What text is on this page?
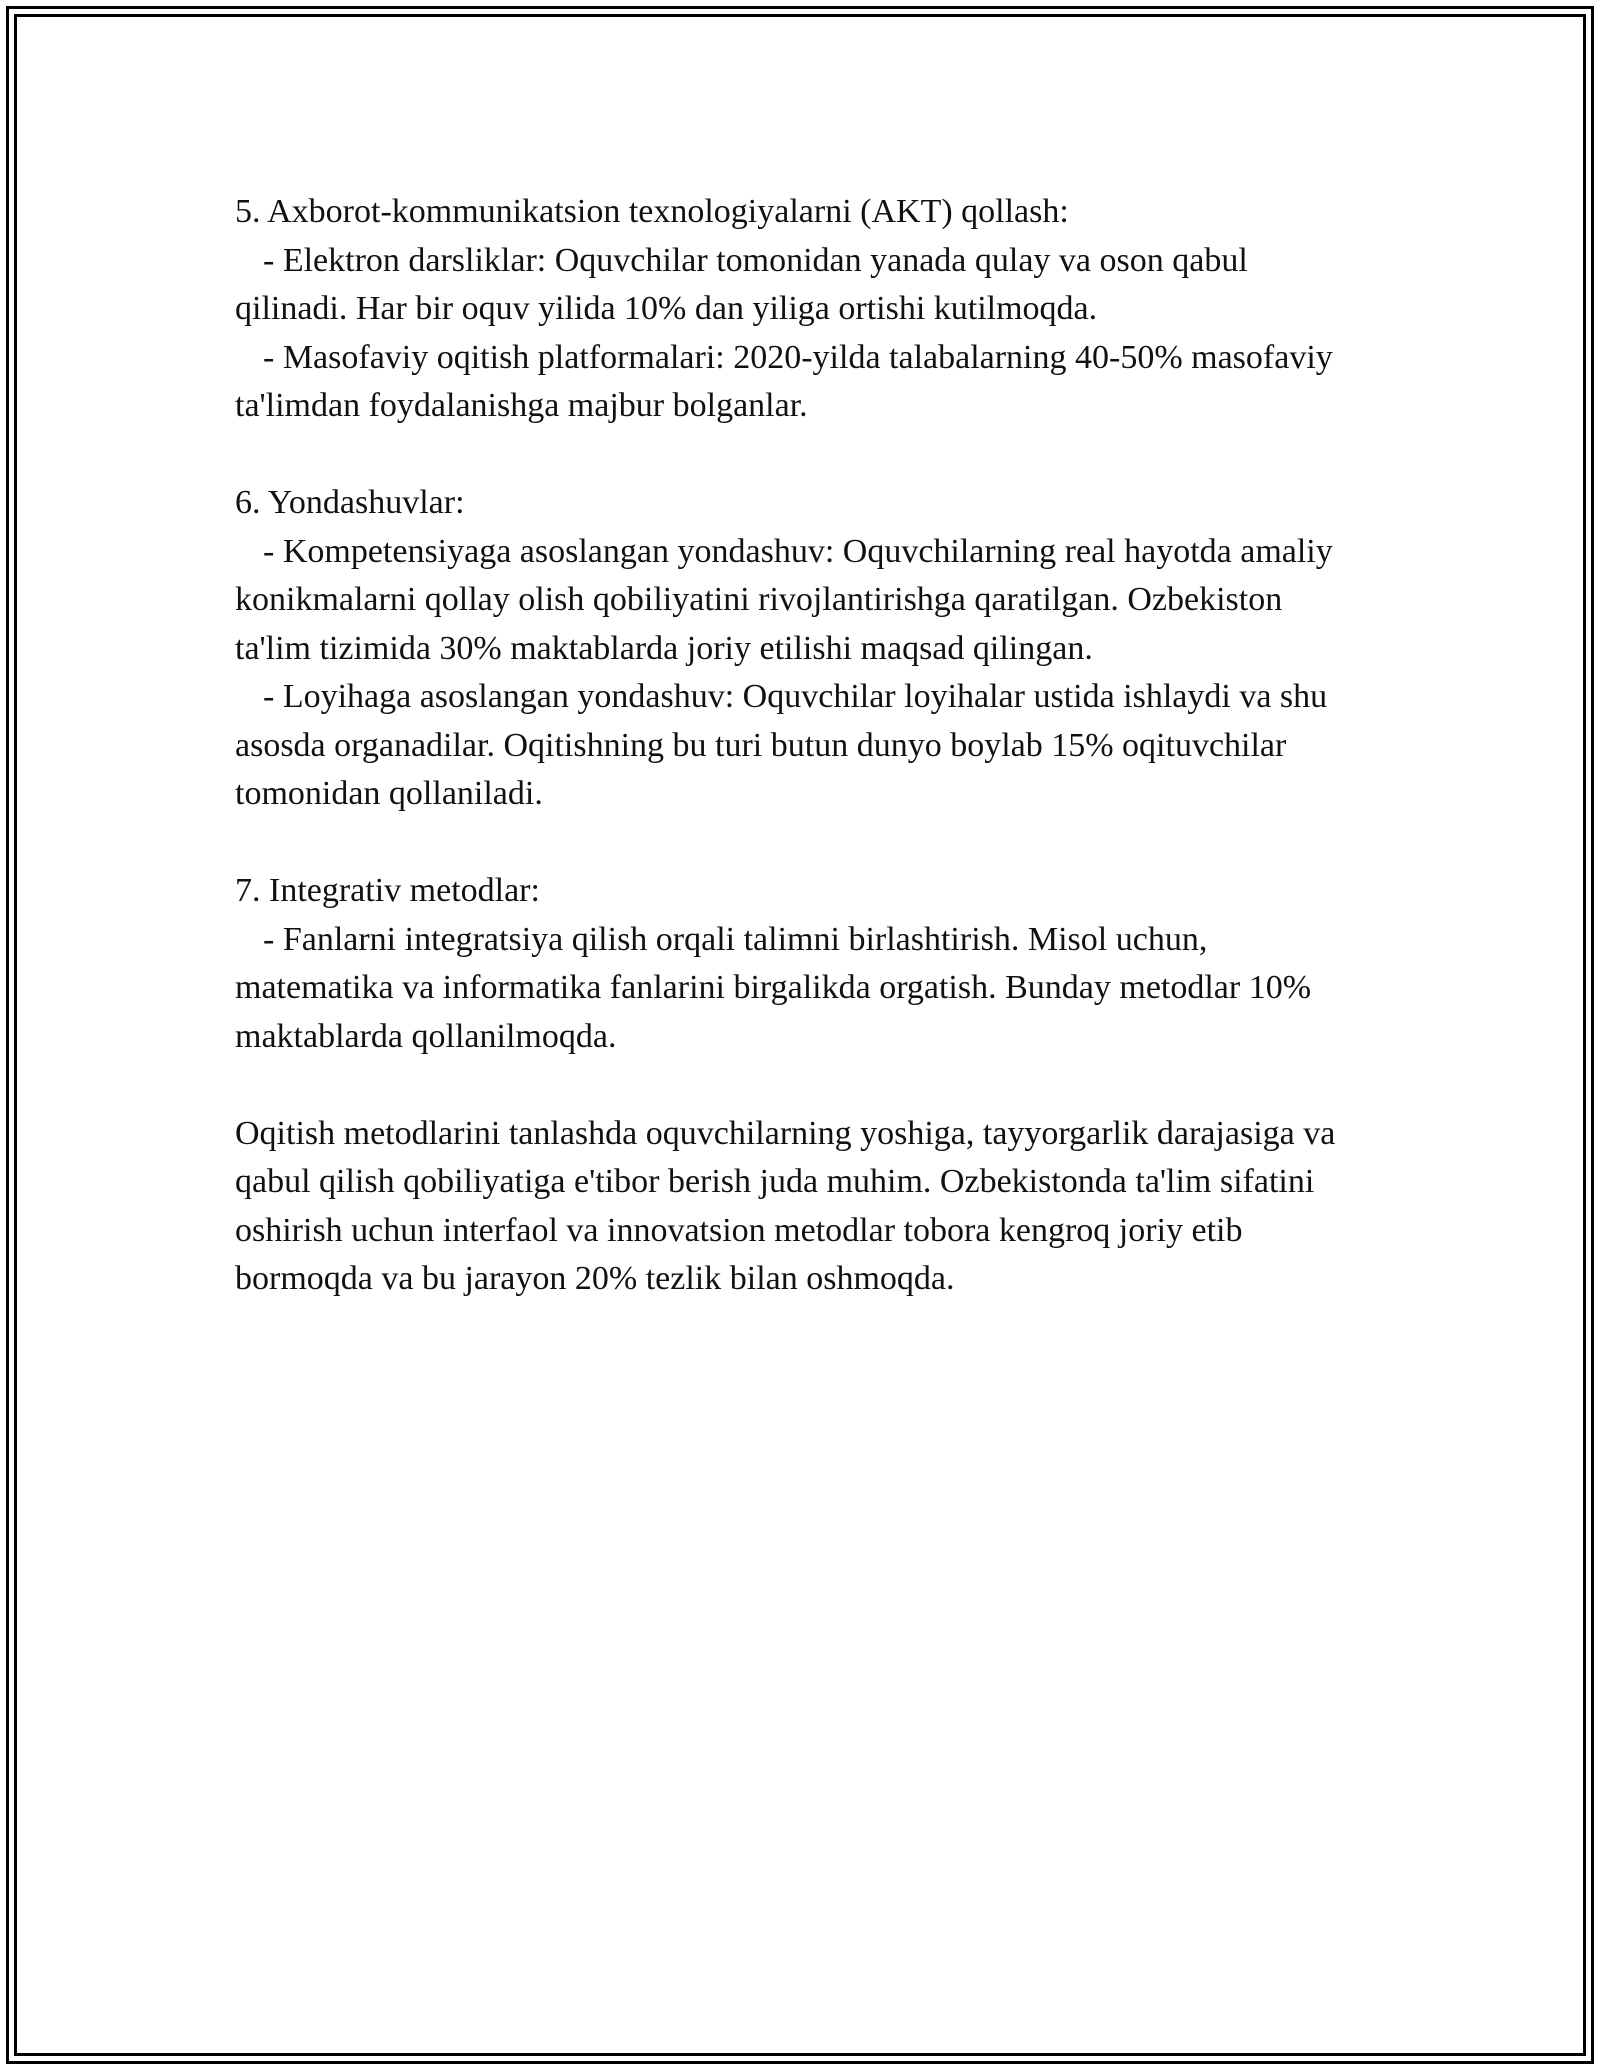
5. Axborot-kommunikatsion texnologiyalarni (AKT) qollash:

- Elektron darsliklar: Oquvchilar tomonidan yanada qulay va oson qabul qilinadi. Har bir oquv yilida 10% dan yiliga ortishi kutilmoqda.

- Masofaviy oqitish platformalari: 2020-yilda talabalarning 40-50% masofaviy ta'limdan foydalanishga majbur bolganlar.

6. Yondashuvlar:

- Kompetensiyaga asoslangan yondashuv: Oquvchilarning real hayotda amaliy konikmalarni qollay olish qobiliyatini rivojlantirishga qaratilgan. Ozbekiston ta'lim tizimida 30% maktablarda joriy etilishi maqsad qilingan.

- Loyihaga asoslangan yondashuv: Oquvchilar loyihalar ustida ishlaydi va shu asosda organadilar. Oqitishning bu turi butun dunyo boylab 15% oqituvchilar tomonidan qollaniladi.

7. Integrativ metodlar:

- Fanlarni integratsiya qilish orqali talimni birlashtirish. Misol uchun, matematika va informatika fanlarini birgalikda orgatish. Bunday metodlar 10% maktablarda qollanilmoqda.

Oqitish metodlarini tanlashda oquvchilarning yoshiga, tayyorgarlik darajasiga va qabul qilish qobiliyatiga e'tibor berish juda muhim. Ozbekistonda ta'lim sifatini oshirish uchun interfaol va innovatsion metodlar tobora kengroq joriy etib bormoqda va bu jarayon 20% tezlik bilan oshmoqda.
